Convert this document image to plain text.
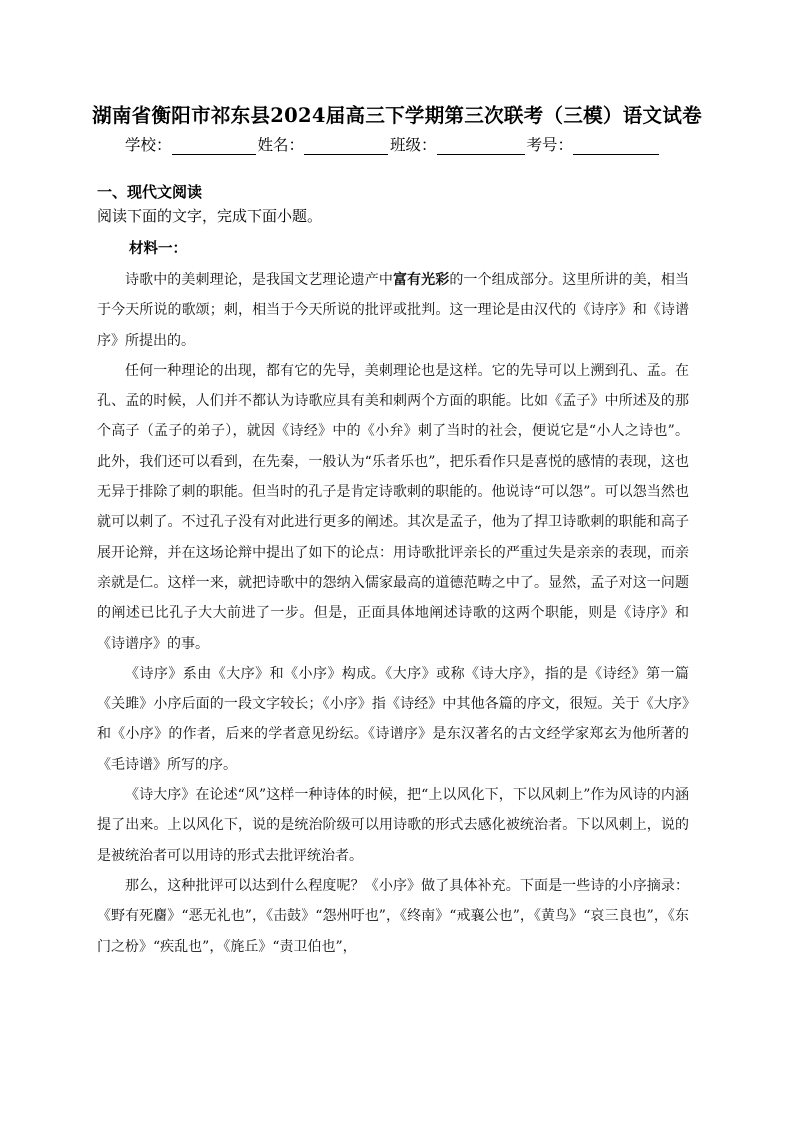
湖南省衡阳市祁东县2024届高三下学期第三次联考（三模）语文试卷
学校：	姓名：	班级：	考号：
一、现代文阅读
阅读下面的文字，完成下面小题。
材料一：

诗歌中的美刺理论，是我国文艺理论遗产中富有光彩的一个组成部分。这里所讲的美，相当于今天所说的歌颂；刺，相当于今天所说的批评或批判。这一理论是由汉代的《诗序》和《诗谱序》所提出的。

任何一种理论的出现，都有它的先导，美刺理论也是这样。它的先导可以上溯到孔、孟。在孔、孟的时候，人们并不都认为诗歌应具有美和刺两个方面的职能。比如《孟子》中所述及的那个高子（孟子的弟子），就因《诗经》中的《小弁》刺了当时的社会，便说它是“小人之诗也”。此外，我们还可以看到，在先秦，一般认为“乐者乐也”，把乐看作只是喜悦的感情的表现，这也无异于排除了刺的职能。但当时的孔子是肯定诗歌刺的职能的。他说诗“可以怨”。可以怨当然也就可以刺了。不过孔子没有对此进行更多的阐述。其次是孟子，他为了捍卫诗歌刺的职能和高子展开论辩，并在这场论辩中提出了如下的论点：用诗歌批评亲长的严重过失是亲亲的表现，而亲亲就是仁。这样一来，就把诗歌中的怨纳入儒家最高的道德范畴之中了。显然，孟子对这一问题的阐述已比孔子大大前进了一步。但是，正面具体地阐述诗歌的这两个职能，则是《诗序》和《诗谱序》的事。

《诗序》系由《大序》和《小序》构成。《大序》或称《诗大序》，指的是《诗经》第一篇《关雎》小序后面的一段文字较长；《小序》指《诗经》中其他各篇的序文，很短。关于《大序》和《小序》的作者，后来的学者意见纷纭。《诗谱序》是东汉著名的古文经学家郑玄为他所著的《毛诗谱》所写的序。

《诗大序》在论述“风”这样一种诗体的时候，把“上以风化下，下以风刺上”作为风诗的内涵提了出来。上以风化下，说的是统治阶级可以用诗歌的形式去感化被统治者。下以风刺上，说的是被统治者可以用诗的形式去批评统治者。

那么，这种批评可以达到什么程度呢？《小序》做了具体补充。下面是一些诗的小序摘录：《野有死麕》“恶无礼也”，《击鼓》“怨州吁也”，《终南》“戒襄公也”，《黄鸟》“哀三良也”，《东门之枌》“疾乱也”，《旄丘》“责卫伯也”，
